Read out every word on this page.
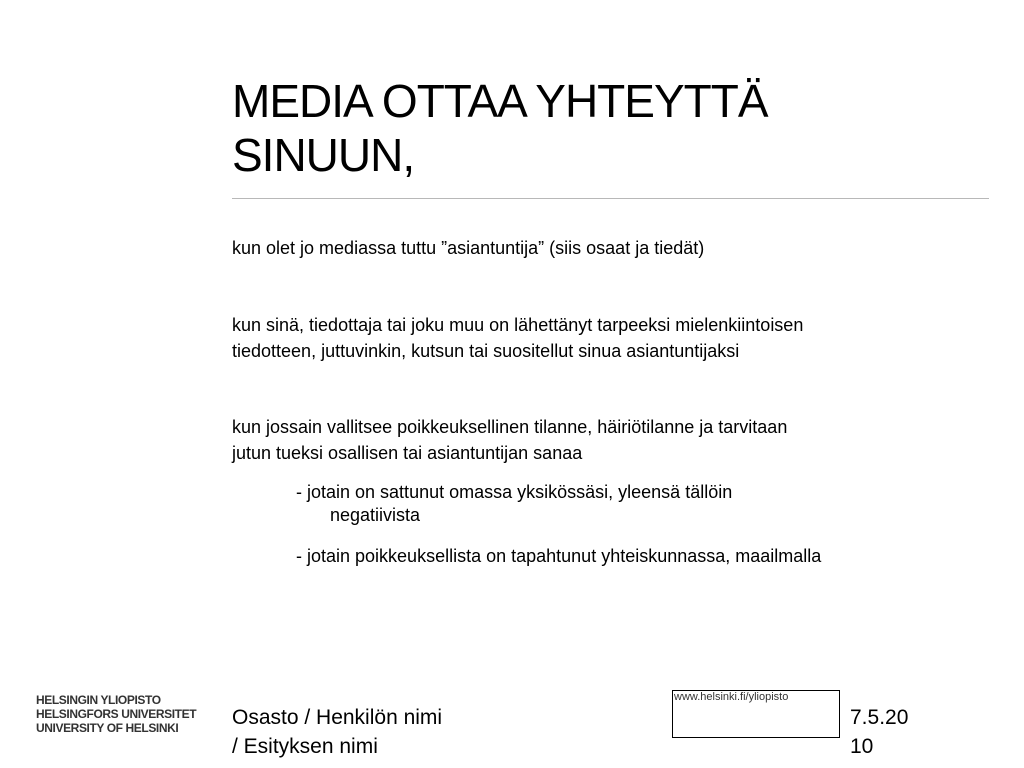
MEDIA OTTAA YHTEYTTÄ
SINUUN,

kun olet jo mediassa tuttu ”asiantuntija” (siis osaat ja tiedät)

kun sinä, tiedottaja tai joku muu on lähettänyt tarpeeksi mielenkiintoisen
tiedotteen, juttuvinkin, kutsun tai suositellut sinua asiantuntijaksi

kun jossain vallitsee poikkeuksellinen tilanne, häiriötilanne ja tarvitaan
jutun tueksi osallisen tai asiantuntijan sanaa

- jotain on sattunut omassa yksikössäsi, yleensä tällöin
negatiivista
- jotain poikkeuksellista on tapahtunut yhteiskunnassa, maailmalla
HELSINGIN YLIOPISTO
HELSINGFORS UNIVERSITET
UNIVERSITY OF HELSINKI	Osasto / Henkilön nimi
/ Esityksen nimi
www.helsinki.fi/yliopisto
7.5.20
10
